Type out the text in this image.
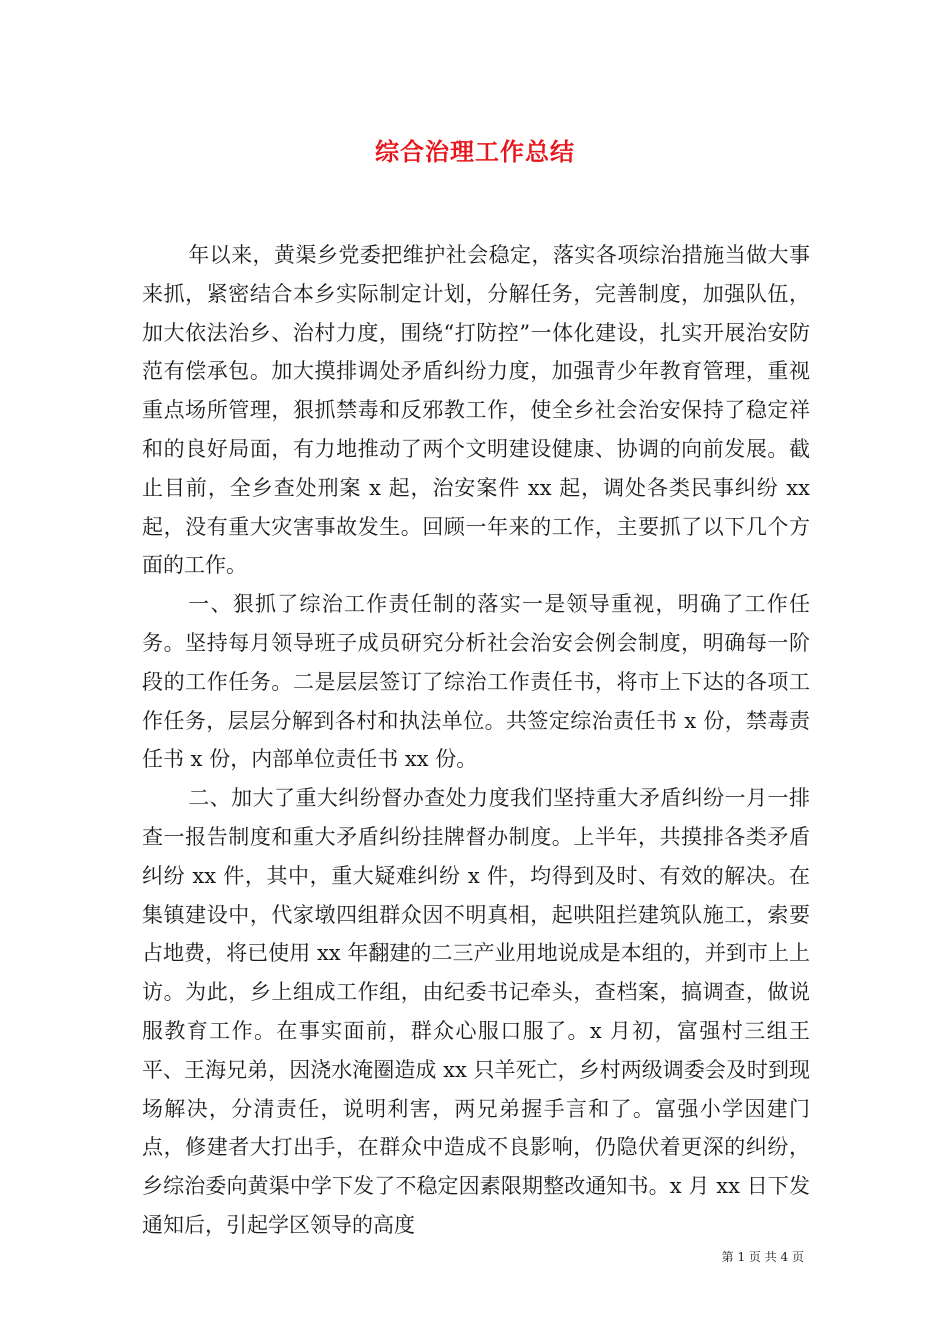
综合治理工作总结

年以来，黄渠乡党委把维护社会稳定，落实各项综治措施当做大事来抓，紧密结合本乡实际制定计划，分解任务，完善制度，加强队伍，加大依法治乡、治村力度，围绕“打防控”一体化建设，扎实开展治安防范有偿承包。加大摸排调处矛盾纠纷力度，加强青少年教育管理，重视重点场所管理，狠抓禁毒和反邪教工作，使全乡社会治安保持了稳定祥和的良好局面，有力地推动了两个文明建设健康、协调的向前发展。截止目前，全乡查处刑案 x 起，治安案件 xx 起，调处各类民事纠纷 xx 起，没有重大灾害事故发生。回顾一年来的工作，主要抓了以下几个方面的工作。

一、狠抓了综治工作责任制的落实一是领导重视，明确了工作任务。坚持每月领导班子成员研究分析社会治安会例会制度，明确每一阶段的工作任务。二是层层签订了综治工作责任书，将市上下达的各项工作任务，层层分解到各村和执法单位。共签定综治责任书 x 份，禁毒责任书 x 份，内部单位责任书 xx 份。

二、加大了重大纠纷督办查处力度我们坚持重大矛盾纠纷一月一排查一报告制度和重大矛盾纠纷挂牌督办制度。上半年，共摸排各类矛盾纠纷 xx 件，其中，重大疑难纠纷 x 件，均得到及时、有效的解决。在集镇建设中，代家墩四组群众因不明真相，起哄阻拦建筑队施工，索要占地费，将已使用 xx 年翻建的二三产业用地说成是本组的，并到市上上访。为此，乡上组成工作组，由纪委书记牵头，查档案，搞调查，做说服教育工作。在事实面前，群众心服口服了。x 月初，富强村三组王平、王海兄弟，因浇水淹圈造成 xx 只羊死亡，乡村两级调委会及时到现场解决，分清责任，说明利害，两兄弟握手言和了。富强小学因建门点，修建者大打出手，在群众中造成不良影响，仍隐伏着更深的纠纷，乡综治委向黄渠中学下发了不稳定因素限期整改通知书。x 月 xx 日下发通知后，引起学区领导的高度

第 1 页 共 4 页
